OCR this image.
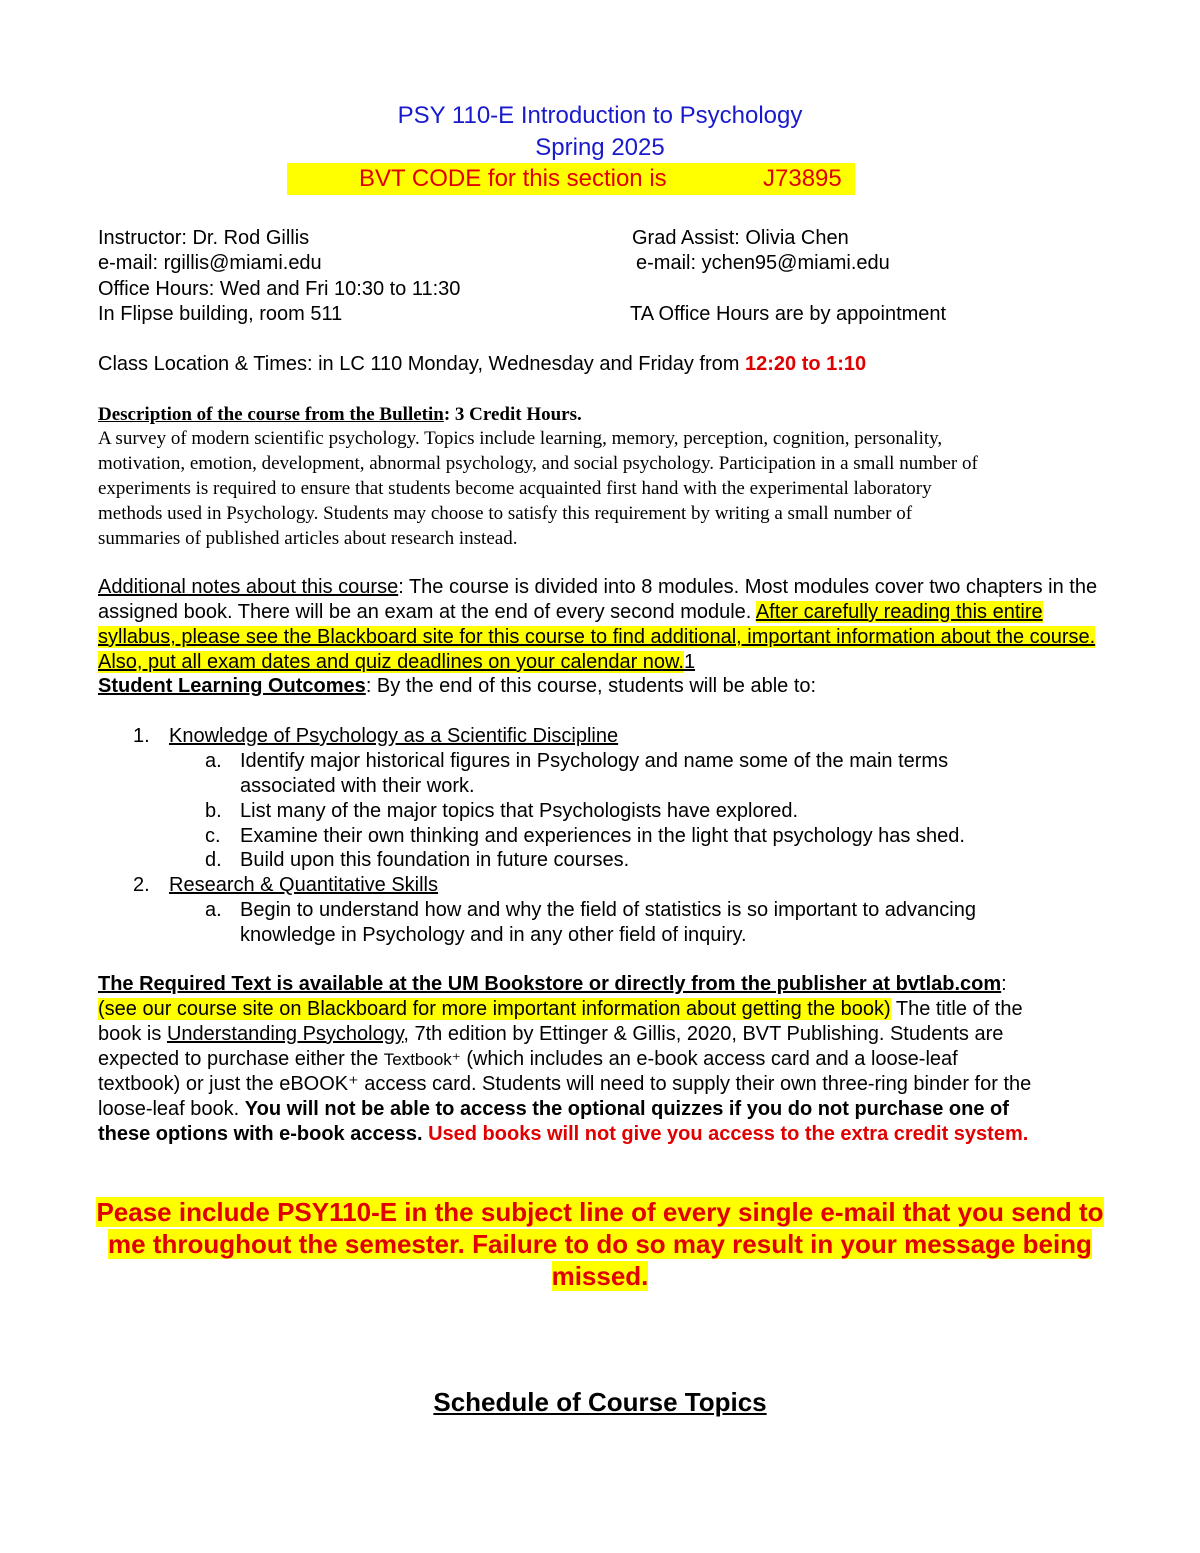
PSY 110-E Introduction to Psychology
Spring 2025
BVT CODE for this section is	J73895
Instructor: Dr. Rod Gillis
e-mail: rgillis@miami.edu
Office Hours: Wed and Fri 10:30 to 11:30
In Flipse building, room 511
Grad Assist: Olivia Chen
e-mail: ychen95@miami.edu
TA Office Hours are by appointment
Class Location & Times: in LC 110 Monday, Wednesday and Friday from 12:20 to 1:10
Description of the course from the Bulletin: 3 Credit Hours.
A survey of modern scientific psychology. Topics include learning, memory, perception, cognition, personality,
motivation, emotion, development, abnormal psychology, and social psychology. Participation in a small number of
experiments is required to ensure that students become acquainted first hand with the experimental laboratory
methods used in Psychology. Students may choose to satisfy this requirement by writing a small number of
summaries of published articles about research instead.
Additional notes about this course: The course is divided into 8 modules. Most modules cover two chapters in the assigned book. There will be an exam at the end of every second module. After carefully reading this entire syllabus, please see the Blackboard site for this course to find additional, important information about the course. Also, put all exam dates and quiz deadlines on your calendar now.1
Student Learning Outcomes: By the end of this course, students will be able to:
1. Knowledge of Psychology as a Scientific Discipline
a. Identify major historical figures in Psychology and name some of the main terms associated with their work.
b. List many of the major topics that Psychologists have explored.
c. Examine their own thinking and experiences in the light that psychology has shed.
d. Build upon this foundation in future courses.
2. Research & Quantitative Skills
a. Begin to understand how and why the field of statistics is so important to advancing knowledge in Psychology and in any other field of inquiry.
The Required Text is available at the UM Bookstore or directly from the publisher at bvtlab.com: (see our course site on Blackboard for more important information about getting the book) The title of the book is Understanding Psychology, 7th edition by Ettinger & Gillis, 2020, BVT Publishing. Students are expected to purchase either the Textbook⁺ (which includes an e-book access card and a loose-leaf textbook) or just the eBOOK⁺ access card. Students will need to supply their own three-ring binder for the loose-leaf book. You will not be able to access the optional quizzes if you do not purchase one of these options with e-book access. Used books will not give you access to the extra credit system.
Pease include PSY110-E in the subject line of every single e-mail that you send to me throughout the semester. Failure to do so may result in your message being missed.
Schedule of Course Topics
